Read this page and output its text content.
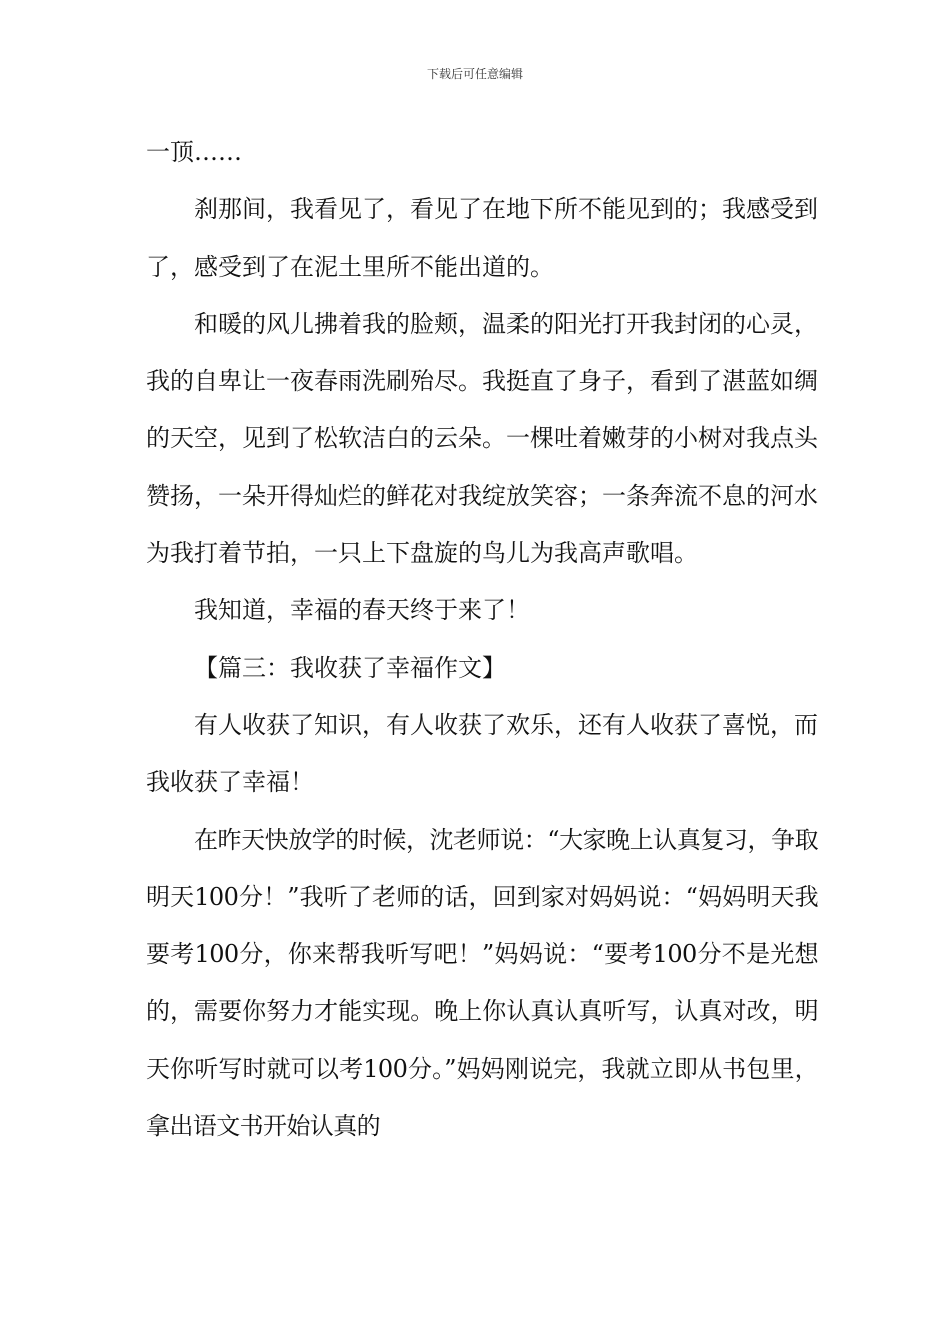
下载后可任意编辑

一顶……

刹那间，我看见了，看见了在地下所不能见到的；我感受到了，感受到了在泥土里所不能出道的。

和暖的风儿拂着我的脸颊，温柔的阳光打开我封闭的心灵，我的自卑让一夜春雨洗刷殆尽。我挺直了身子，看到了湛蓝如绸的天空，见到了松软洁白的云朵。一棵吐着嫩芽的小树对我点头赞扬，一朵开得灿烂的鲜花对我绽放笑容；一条奔流不息的河水为我打着节拍，一只上下盘旋的鸟儿为我高声歌唱。

我知道，幸福的春天终于来了！

【篇三：我收获了幸福作文】

有人收获了知识，有人收获了欢乐，还有人收获了喜悦，而我收获了幸福！

在昨天快放学的时候，沈老师说：“大家晚上认真复习，争取明天100分！”我听了老师的话，回到家对妈妈说：“妈妈明天我要考100分，你来帮我听写吧！”妈妈说：“要考100分不是光想的，需要你努力才能实现。晚上你认真认真听写，认真对改，明天你听写时就可以考100分。”妈妈刚说完，我就立即从书包里，拿出语文书开始认真的
